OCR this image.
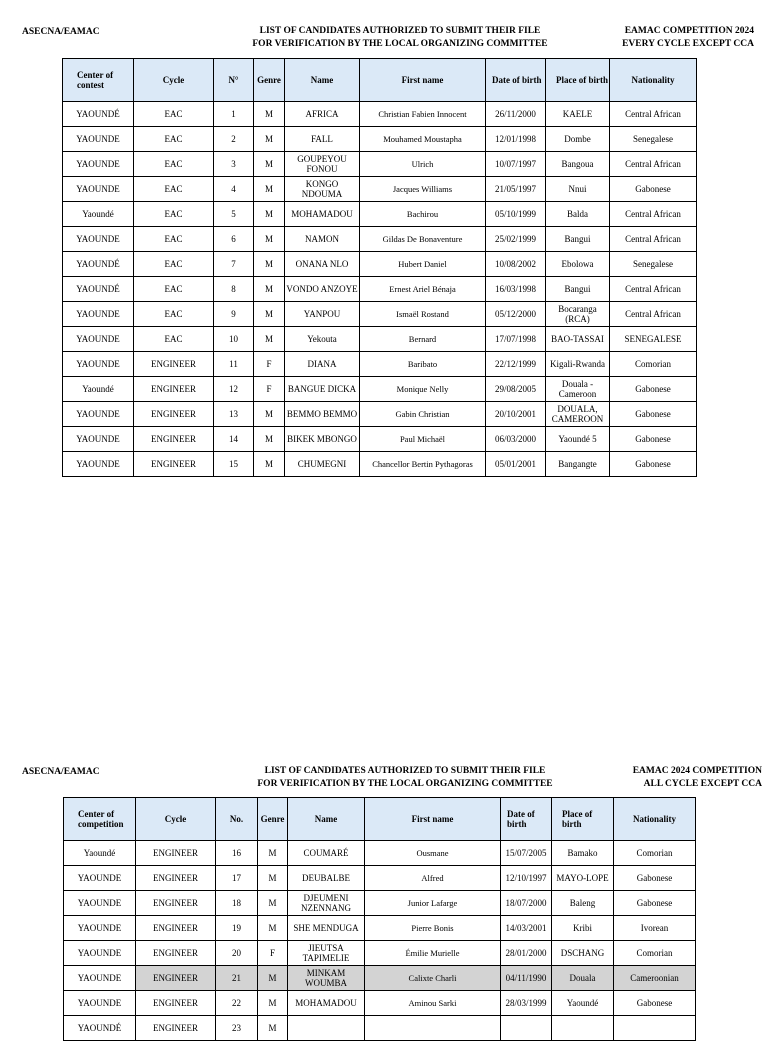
ASECNA/EAMAC	LIST OF CANDIDATES AUTHORIZED TO SUBMIT THEIR FILE
FOR VERIFICATION BY THE LOCAL ORGANIZING COMMITTEE
EAMAC COMPETITION 2024
EVERY CYCLE EXCEPT CCA
Center of contest	Cycle	N°	Genre	Name	First name	Date of birth	Place of birth	Nationality
YAOUNDÉ	EAC	1	M	AFRICA	Christian Fabien Innocent	26/11/2000	KAELE	Central African
YAOUNDE	EAC	2	M	FALL	Mouhamed Moustapha	12/01/1998	Dombe	Senegalese
YAOUNDE	EAC	3	M	GOUPEYOU FONOU	Ulrich	10/07/1997	Bangoua	Central African
YAOUNDE	EAC	4	M	KONGO NDOUMA	Jacques Williams	21/05/1997	Nnui	Gabonese
Yaoundé	EAC	5	M	MOHAMADOU	Bachirou	05/10/1999	Balda	Central African
YAOUNDE	EAC	6	M	NAMON	Gildas De Bonaventure	25/02/1999	Bangui	Central African
YAOUNDÉ	EAC	7	M	ONANA NLO	Hubert Daniel	10/08/2002	Ebolowa	Senegalese
YAOUNDÉ	EAC	8	M	VONDO ANZOYE	Ernest Ariel Bénaja	16/03/1998	Bangui	Central African
YAOUNDE	EAC	9	M	YANPOU	Ismaël Rostand	05/12/2000	Bocaranga (RCA)	Central African
YAOUNDE	EAC	10	M	Yekouta	Bernard	17/07/1998	BAO-TASSAI	SENEGALESE
YAOUNDE	ENGINEER	11	F	DIANA	Baribato	22/12/1999	Kigali-Rwanda	Comorian
Yaoundé	ENGINEER	12	F	BANGUE DICKA	Monique Nelly	29/08/2005	Douala - Cameroon	Gabonese
YAOUNDE	ENGINEER	13	M	BEMMO BEMMO	Gabin Christian	20/10/2001	DOUALA, CAMEROON	Gabonese
YAOUNDE	ENGINEER	14	M	BIKEK MBONGO	Paul Michaël	06/03/2000	Yaoundé 5	Gabonese
YAOUNDE	ENGINEER	15	M	CHUMEGNI	Chancellor Bertin Pythagoras	05/01/2001	Bangangte	Gabonese
ASECNA/EAMAC	LIST OF CANDIDATES AUTHORIZED TO SUBMIT THEIR FILE
FOR VERIFICATION BY THE LOCAL ORGANIZING COMMITTEE
EAMAC 2024 COMPETITION
ALL CYCLE EXCEPT CCA
Center of competition	Cycle	No.	Genre	Name	First name	Date of birth	Place of birth	Nationality
Yaoundé	ENGINEER	16	M	COUMARÉ	Ousmane	15/07/2005	Bamako	Comorian
YAOUNDE	ENGINEER	17	M	DEUBALBE	Alfred	12/10/1997	MAYO-LOPE	Gabonese
YAOUNDE	ENGINEER	18	M	DJEUMENI NZENNANG	Junior Lafarge	18/07/2000	Baleng	Gabonese
YAOUNDE	ENGINEER	19	M	SHE MENDUGA	Pierre Bonis	14/03/2001	Kribi	Ivorean
YAOUNDE	ENGINEER	20	F	JIEUTSA TAPIMELIE	Émilie Murielle	28/01/2000	DSCHANG	Comorian
YAOUNDE	ENGINEER	21	M	MINKAM WOUMBA	Calixte Charli	04/11/1990	Douala	Cameroonian
YAOUNDE	ENGINEER	22	M	MOHAMADOU	Aminou Sarki	28/03/1999	Yaoundé	Gabonese
YAOUNDÉ	ENGINEER	23	M					
